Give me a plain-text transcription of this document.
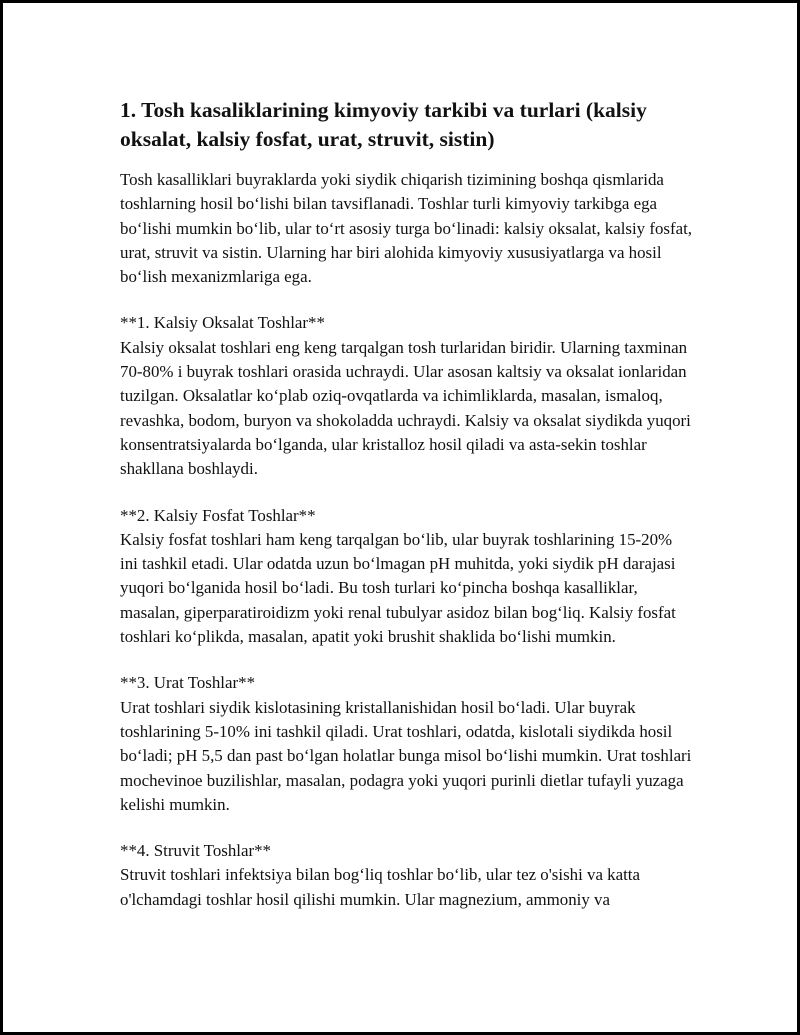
1. Tosh kasaliklarining kimyoviy tarkibi va turlari (kalsiy oksalat, kalsiy fosfat, urat, struvit, sistin)

Tosh kasalliklari buyraklarda yoki siydik chiqarish tizimining boshqa qismlarida toshlarning hosil bo‘lishi bilan tavsiflanadi. Toshlar turli kimyoviy tarkibga ega bo‘lishi mumkin bo‘lib, ular to‘rt asosiy turga bo‘linadi: kalsiy oksalat, kalsiy fosfat, urat, struvit va sistin. Ularning har biri alohida kimyoviy xususiyatlarga va hosil bo‘lish mexanizmlariga ega.

**1. Kalsiy Oksalat Toshlar**
Kalsiy oksalat toshlari eng keng tarqalgan tosh turlaridan biridir. Ularning taxminan 70-80% i buyrak toshlari orasida uchraydi. Ular asosan kaltsiy va oksalat ionlaridan tuzilgan. Oksalatlar ko‘plab oziq-ovqatlarda va ichimliklarda, masalan, ismaloq, revashka, bodom, buryon va shokoladda uchraydi. Kalsiy va oksalat siydikda yuqori konsentratsiyalarda bo‘lganda, ular kristalloz hosil qiladi va asta-sekin toshlar shakllana boshlaydi.
**2. Kalsiy Fosfat Toshlar**
Kalsiy fosfat toshlari ham keng tarqalgan bo‘lib, ular buyrak toshlarining 15-20% ini tashkil etadi. Ular odatda uzun bo‘lmagan pH muhitda, yoki siydik pH darajasi yuqori bo‘lganida hosil bo‘ladi. Bu tosh turlari ko‘pincha boshqa kasalliklar, masalan, giperparatiroidizm yoki renal tubulyar asidoz bilan bog‘liq. Kalsiy fosfat toshlari ko‘plikda, masalan, apatit yoki brushit shaklida bo‘lishi mumkin.
**3. Urat Toshlar**
Urat toshlari siydik kislotasining kristallanishidan hosil bo‘ladi. Ular buyrak toshlarining 5-10% ini tashkil qiladi. Urat toshlari, odatda, kislotali siydikda hosil bo‘ladi; pH 5,5 dan past bo‘lgan holatlar bunga misol bo‘lishi mumkin. Urat toshlari mochevinoe buzilishlar, masalan, podagra yoki yuqori purinli dietlar tufayli yuzaga kelishi mumkin.
**4. Struvit Toshlar**
Struvit toshlari infektsiya bilan bog‘liq toshlar bo‘lib, ular tez o'sishi va katta o'lchamdagi toshlar hosil qilishi mumkin. Ular magnezium, ammoniy va
